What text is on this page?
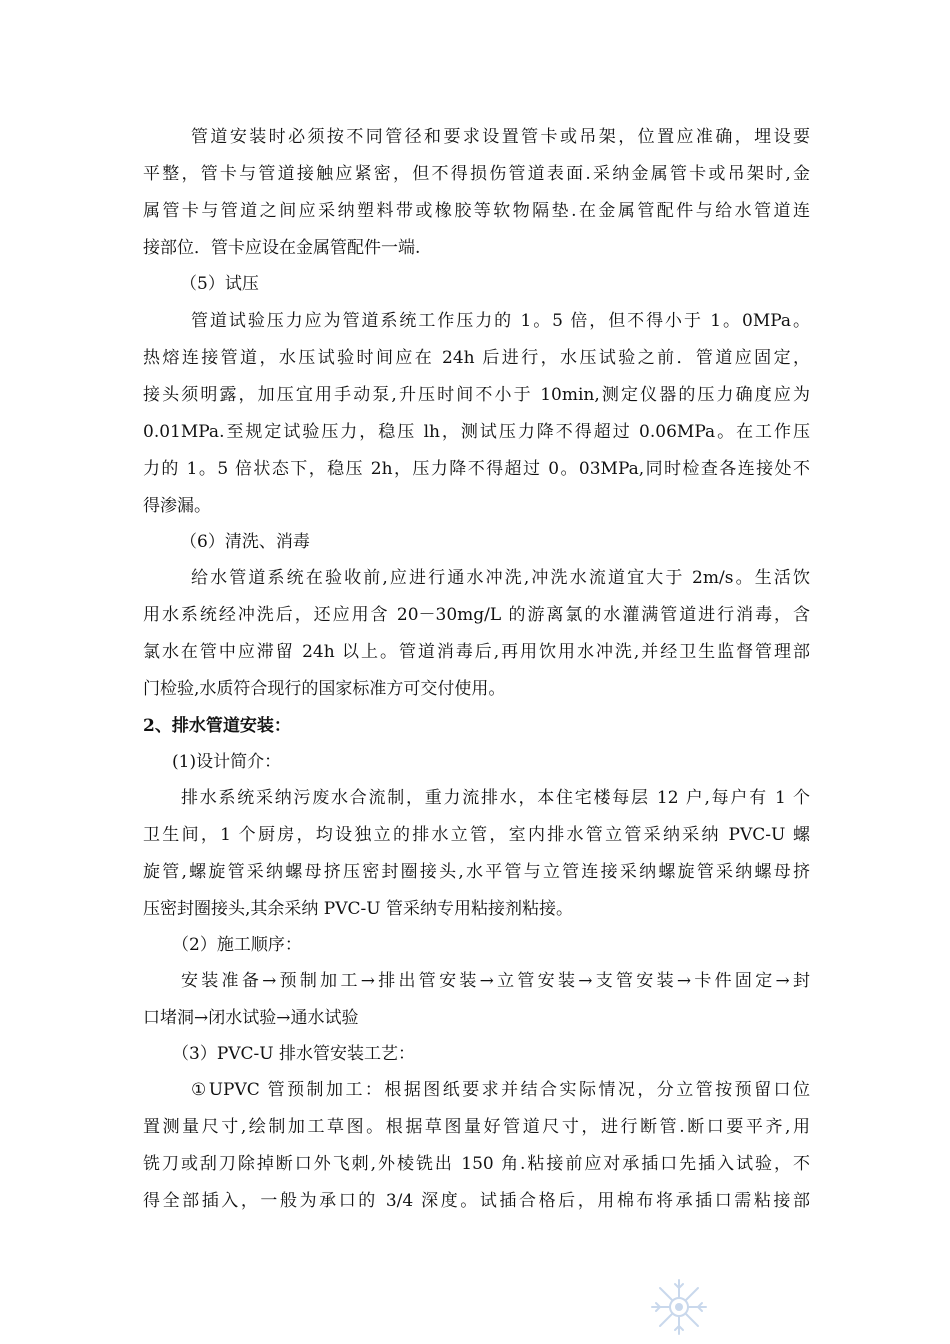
管道安装时必须按不同管径和要求设置管卡或吊架，位置应准确，埋设要
平整，管卡与管道接触应紧密，但不得损伤管道表面.采纳金属管卡或吊架时,金
属管卡与管道之间应采纳塑料带或橡胶等软物隔垫.在金属管配件与给水管道连
接部位．管卡应设在金属管配件一端.
（5）试压
管道试验压力应为管道系统工作压力的 1。5 倍，但不得小于 1。0MPa。
热熔连接管道，水压试验时间应在 24h 后进行，水压试验之前．管道应固定，
接头须明露，加压宜用手动泵,升压时间不小于 10min,测定仪器的压力确度应为
0.01MPa.至规定试验压力，稳压 lh，测试压力降不得超过 0.06MPa。在工作压
力的 1。5 倍状态下，稳压 2h，压力降不得超过 0。03MPa,同时检查各连接处不
得渗漏。
（6）清洗、消毒
给水管道系统在验收前,应进行通水冲洗,冲洗水流道宜大于 2m/s。生活饮
用水系统经冲洗后，还应用含 20－30mg/L 的游离氯的水灌满管道进行消毒，含
氯水在管中应滞留 24h 以上。管道消毒后,再用饮用水冲洗,并经卫生监督管理部
门检验,水质符合现行的国家标准方可交付使用。
2、排水管道安装：
(1)设计简介：
排水系统采纳污废水合流制，重力流排水，本住宅楼每层 12 户,每户有 1 个
卫生间，1 个厨房，均设独立的排水立管，室内排水管立管采纳采纳 PVC-U 螺
旋管,螺旋管采纳螺母挤压密封圈接头,水平管与立管连接采纳螺旋管采纳螺母挤
压密封圈接头,其余采纳 PVC-U 管采纳专用粘接剂粘接。
（2）施工顺序：
安装准备→预制加工→排出管安装→立管安装→支管安装→卡件固定→封
口堵洞→闭水试验→通水试验
（3）PVC-U 排水管安装工艺：
①UPVC 管预制加工：根据图纸要求并结合实际情况，分立管按预留口位
置测量尺寸,绘制加工草图。根据草图量好管道尺寸，进行断管.断口要平齐,用
铣刀或刮刀除掉断口外飞刺,外棱铣出 150 角.粘接前应对承插口先插入试验，不
得全部插入，一般为承口的 3/4 深度。试插合格后，用棉布将承插口需粘接部
